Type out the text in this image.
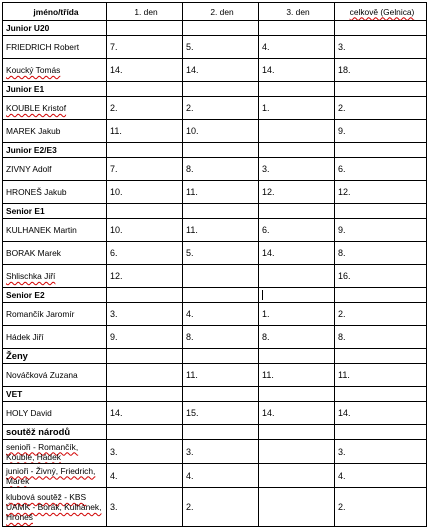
jméno/třída	1. den	2. den	3. den	celkově (Gelnica)
Junior U20				
FRIEDRICH Robert	7.	5.	4.	3.
Koucký Tomás	14.	14.	14.	18.
Junior E1				
KOUBLE Kristof	2.	2.	1.	2.
MAREK Jakub	11.	10.		9.
Junior E2/E3				
ZIVNY Adolf	7.	8.	3.	6.
HRONEŠ Jakub	10.	11.	12.	12.
Senior E1				
KULHANEK Martin	10.	11.	6.	9.
BORAK Marek	6.	5.	14.	8.
Shlischka Jiří	12.			16.
Senior E2				
Romančík Jaromír	3.	4.	1.	2.
Hádek Jiří	9.	8.	8.	8.
Ženy				
Nováčková Zuzana		11.	11.	11.
VET				
HOLY David	14.	15.	14.	14.
soutěž národů				
senioři - Romančík, Kouble, Hádek	3.	3.		3.
junioři - Živný, Friedrich, Marek	4.	4.		4.
klubová soutěž - KBS ÚAMK - Borák, Kulhánek, Hroneš	3.	2.		2.
